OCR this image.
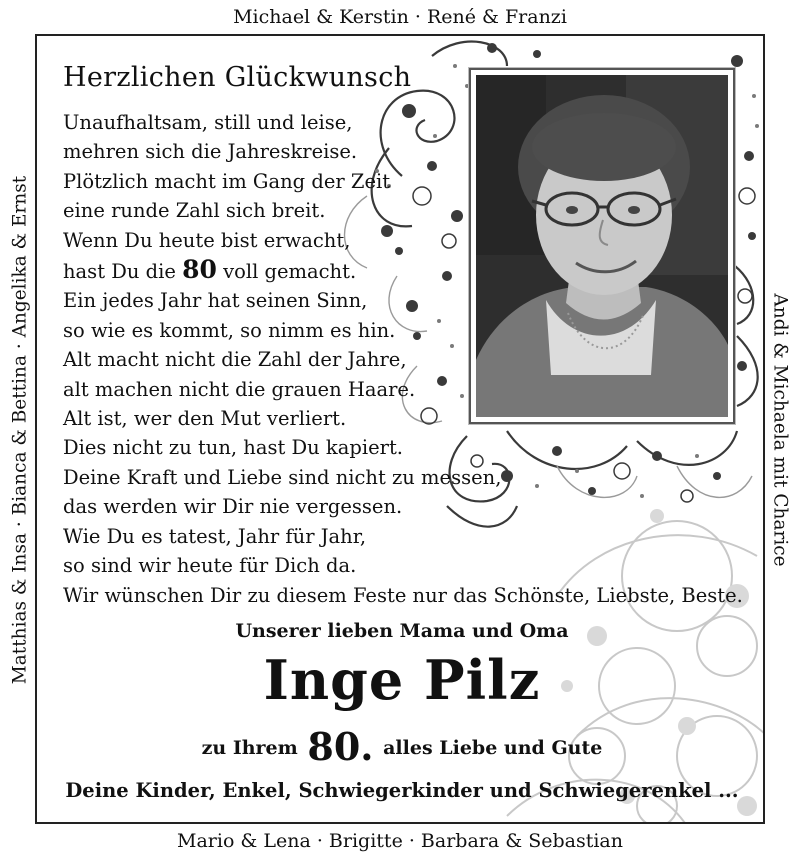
Michael & Kerstin · René & Franzi
Matthias & Insa · Bianca & Bettina · Angelika & Ernst	Andi & Michaela mit Charice
Mario & Lena · Brigitte · Barbara & Sebastian
Herzlichen Glückwunsch
Unaufhaltsam, still und leise,
mehren sich die Jahreskreise.
Plötzlich macht im Gang der Zeit
eine runde Zahl sich breit.
Wenn Du heute bist erwacht,
hast Du die 80 voll gemacht.
Ein jedes Jahr hat seinen Sinn,
so wie es kommt, so nimm es hin.
Alt macht nicht die Zahl der Jahre,
alt machen nicht die grauen Haare.
Alt ist, wer den Mut verliert.
Dies nicht zu tun, hast Du kapiert.
Deine Kraft und Liebe sind nicht zu messen,
das werden wir Dir nie vergessen.
Wie Du es tatest, Jahr für Jahr,
so sind wir heute für Dich da.
Wir wünschen Dir zu diesem Feste nur das Schönste, Liebste, Beste.
Unserer lieben Mama und Oma
Inge Pilz
zu Ihrem 80. alles Liebe und Gute
Deine Kinder, Enkel, Schwiegerkinder und Schwiegerenkel ...
